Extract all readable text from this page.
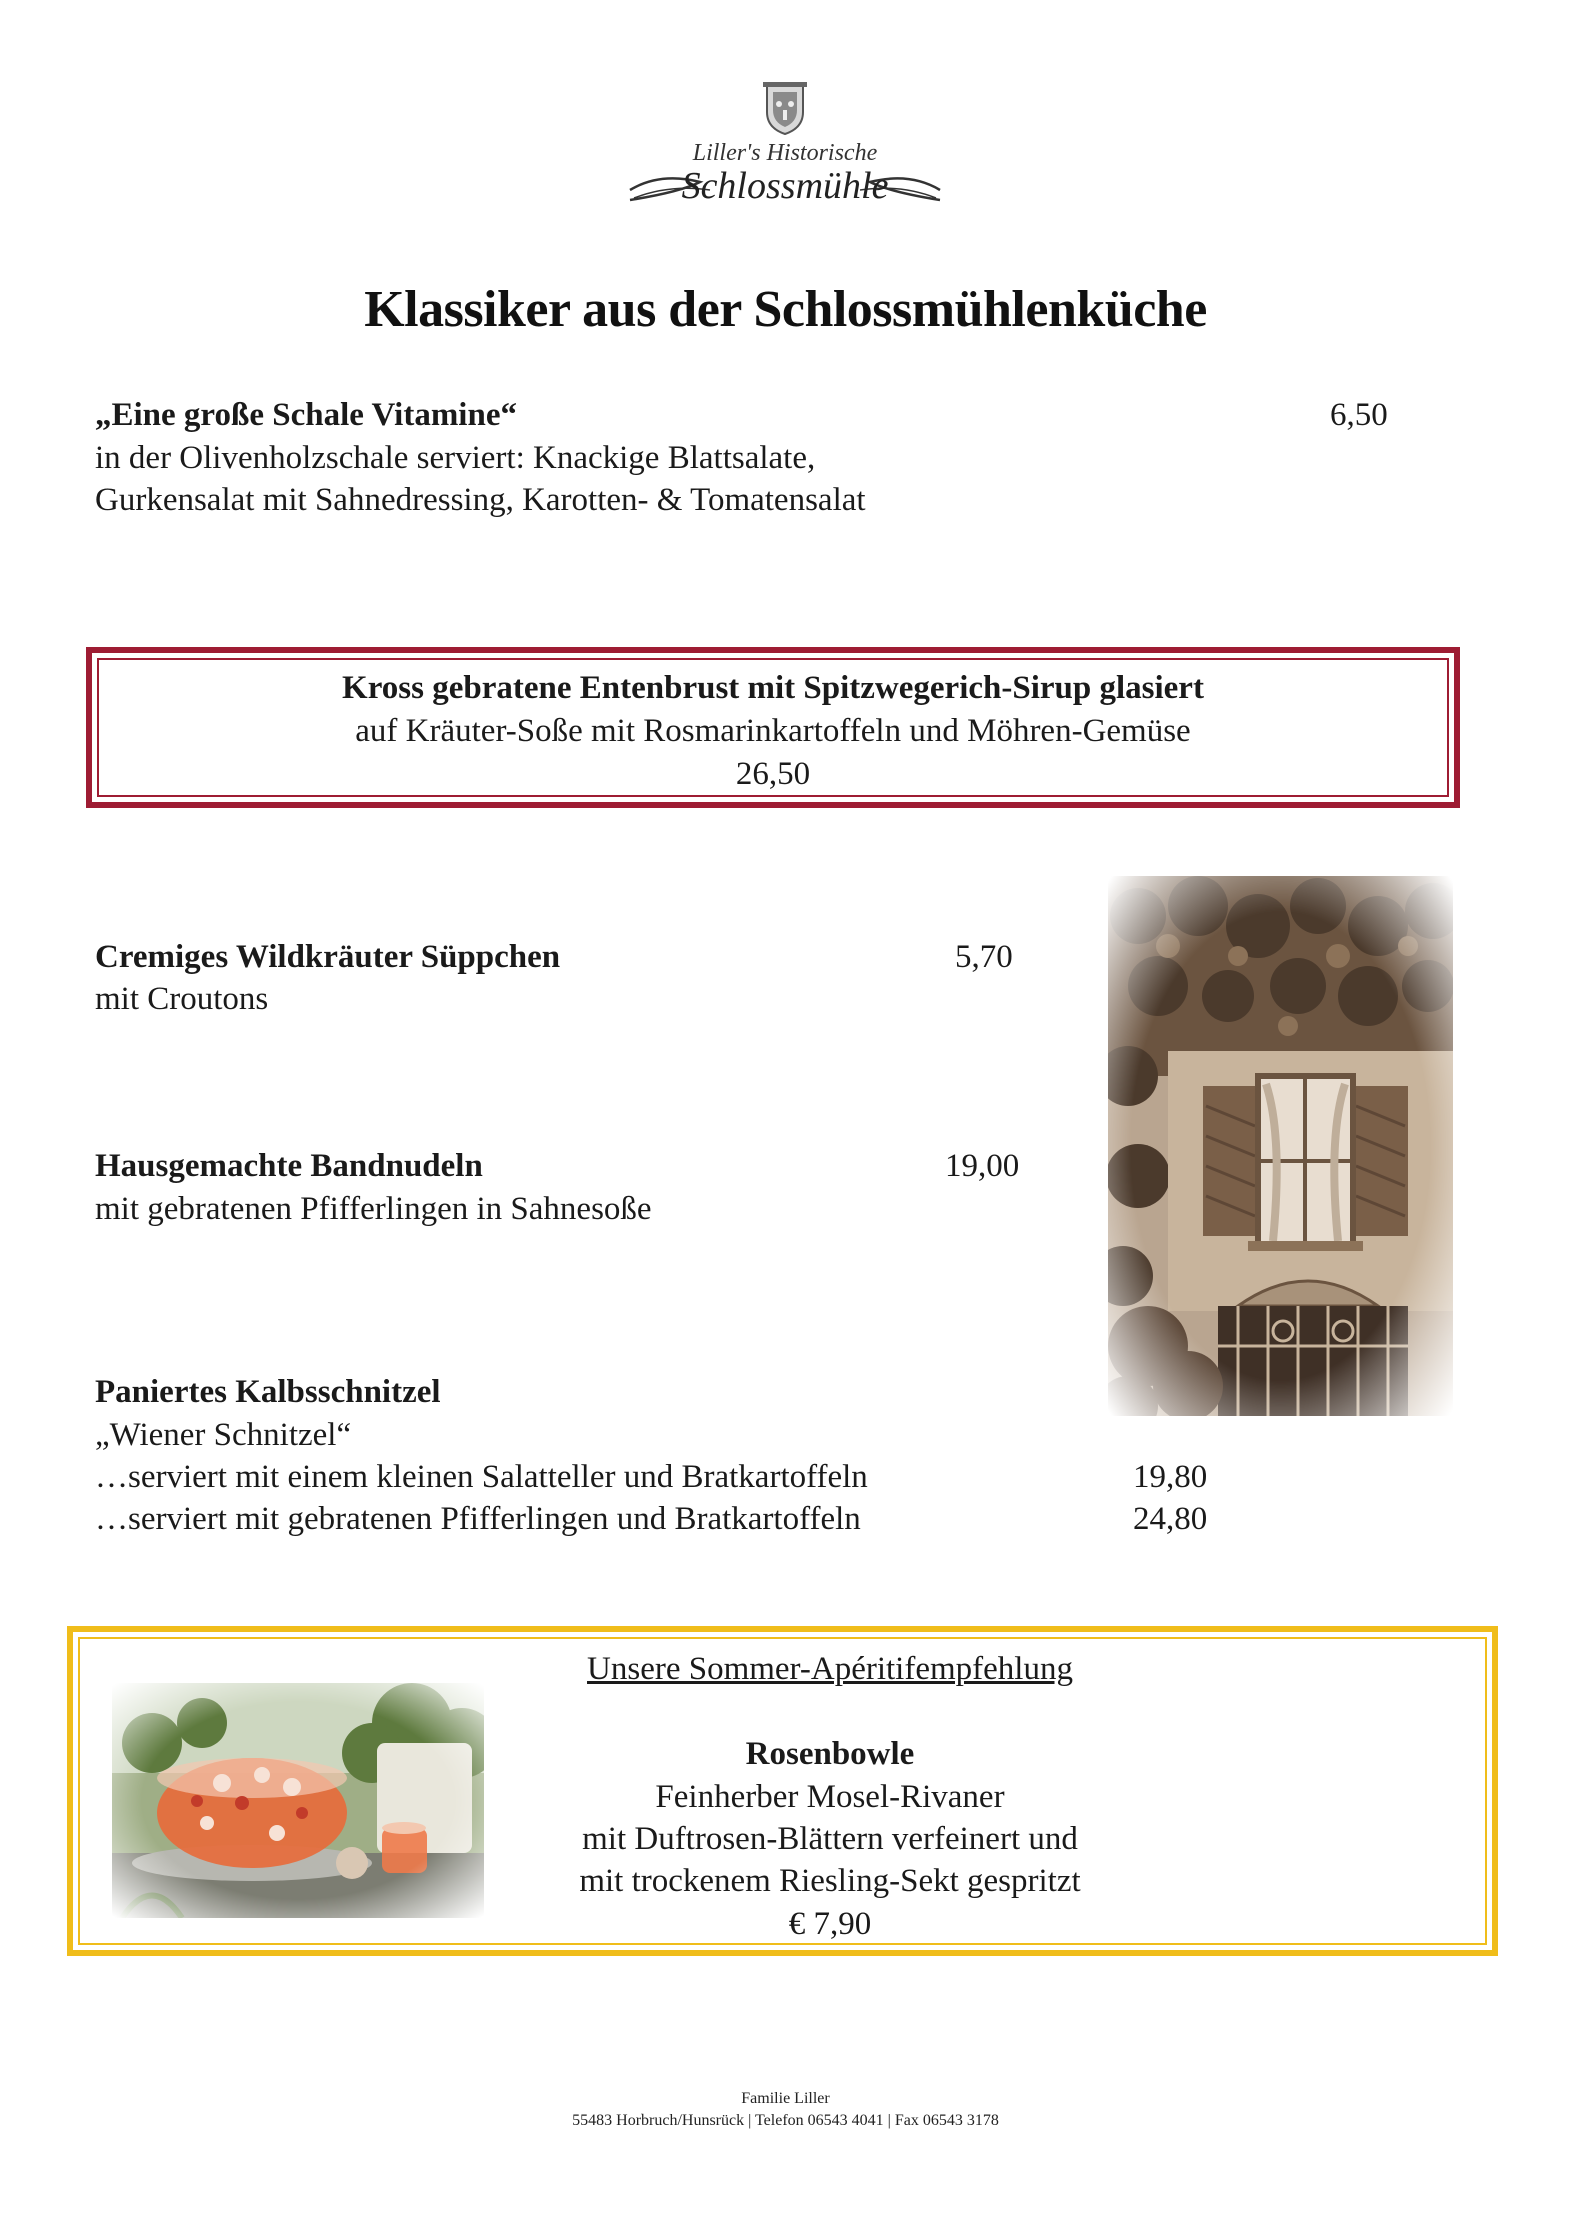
Liller's Historische
Schlossmühle
Klassiker aus der Schlossmühlenküche
„Eine große Schale Vitamine“	6,50
in der Olivenholzschale serviert: Knackige Blattsalate,
Gurkensalat mit Sahnedressing, Karotten- & Tomatensalat
Kross gebratene Entenbrust mit Spitzwegerich-Sirup glasiert
auf Kräuter-Soße mit Rosmarinkartoffeln und Möhren-Gemüse
26,50
Cremiges Wildkräuter Süppchen	5,70
mit Croutons
Hausgemachte Bandnudeln	19,00
mit gebratenen Pfifferlingen in Sahnesoße
Paniertes Kalbsschnitzel
„Wiener Schnitzel“
…serviert mit einem kleinen Salatteller und Bratkartoffeln	19,80
…serviert mit gebratenen Pfifferlingen und Bratkartoffeln	24,80
Unsere Sommer-Apéritifempfehlung
Rosenbowle
Feinherber Mosel-Rivaner
mit Duftrosen-Blättern verfeinert und
mit trockenem Riesling-Sekt gespritzt
€ 7,90
Familie Liller
55483 Horbruch/Hunsrück | Telefon 06543 4041 | Fax 06543 3178
